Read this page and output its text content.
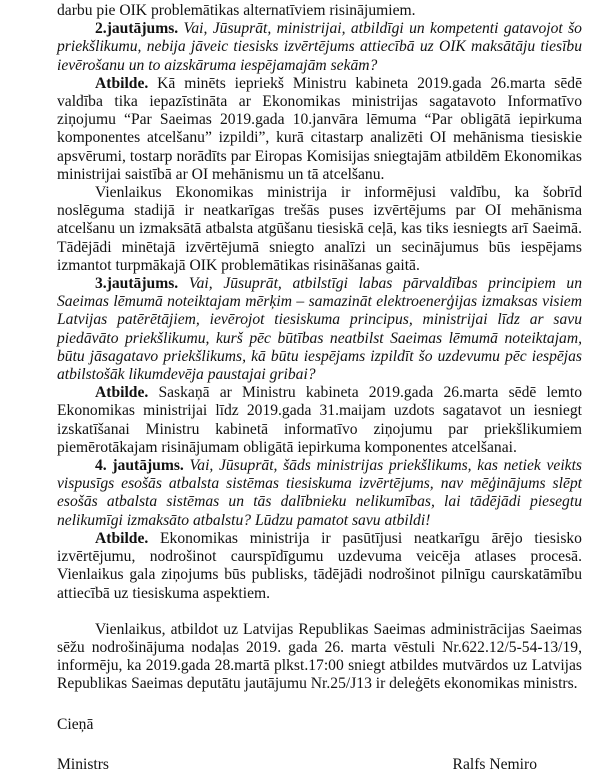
darbu pie OIK problemātikas alternatīviem risinājumiem.

2.jautājums. Vai, Jūsuprāt, ministrijai, atbildīgi un kompetenti gatavojot šo priekšlikumu, nebija jāveic tiesisks izvērtējums attiecībā uz OIK maksātāju tiesību ievērošanu un to aizskāruma iespējamajām sekām?

Atbilde. Kā minēts iepriekš Ministru kabineta 2019.gada 26.marta sēdē valdība tika iepazīstināta ar Ekonomikas ministrijas sagatavoto Informatīvo ziņojumu “Par Saeimas 2019.gada 10.janvāra lēmuma “Par obligātā iepirkuma komponentes atcelšanu” izpildi”, kurā citastarp analizēti OI mehānisma tiesiskie apsvērumi, tostarp norādīts par Eiropas Komisijas sniegtajām atbildēm Ekonomikas ministrijai saistībā ar OI mehānismu un tā atcelšanu.

Vienlaikus Ekonomikas ministrija ir informējusi valdību, ka šobrīd noslēguma stadijā ir neatkarīgas trešās puses izvērtējums par OI mehānisma atcelšanu un izmaksātā atbalsta atgūšanu tiesiskā ceļā, kas tiks iesniegts arī Saeimā. Tādējādi minētajā izvērtējumā sniegto analīzi un secinājumus būs iespējams izmantot turpmākajā OIK problemātikas risināšanas gaitā.

3.jautājums. Vai, Jūsuprāt, atbilstīgi labas pārvaldības principiem un Saeimas lēmumā noteiktajam mērķim – samazināt elektroenerģijas izmaksas visiem Latvijas patērētājiem, ievērojot tiesiskuma principus, ministrijai līdz ar savu piedāvāto priekšlikumu, kurš pēc būtības neatbilst Saeimas lēmumā noteiktajam, būtu jāsagatavo priekšlikums, kā būtu iespējams izpildīt šo uzdevumu pēc iespējas atbilstošāk likumdevēja paustajai gribai?

Atbilde. Saskaņā ar Ministru kabineta 2019.gada 26.marta sēdē lemto Ekonomikas ministrijai līdz 2019.gada 31.maijam uzdots sagatavot un iesniegt izskatīšanai Ministru kabinetā informatīvo ziņojumu par priekšlikumiem piemērotākajam risinājumam obligātā iepirkuma komponentes atcelšanai.

4. jautājums. Vai, Jūsuprāt, šāds ministrijas priekšlikums, kas netiek veikts vispusīgs esošās atbalsta sistēmas tiesiskuma izvērtējums, nav mēģinājums slēpt esošās atbalsta sistēmas un tās dalībnieku nelikumības, lai tādējādi piesegtu nelikumīgi izmaksāto atbalstu? Lūdzu pamatot savu atbildi!

Atbilde. Ekonomikas ministrija ir pasūtījusi neatkarīgu ārējo tiesisko izvērtējumu, nodrošinot caurspīdīgumu uzdevuma veicēja atlases procesā. Vienlaikus gala ziņojums būs publisks, tādējādi nodrošinot pilnīgu caurskatāmību attiecībā uz tiesiskuma aspektiem.

Vienlaikus, atbildot uz Latvijas Republikas Saeimas administrācijas Saeimas sēžu nodrošinājuma nodaļas 2019. gada 26. marta vēstuli Nr.622.12/5-54-13/19, informēju, ka 2019.gada 28.martā plkst.17:00 sniegt atbildes mutvārdos uz Latvijas Republikas Saeimas deputātu jautājumu Nr.25/J13 ir deleģēts ekonomikas ministrs.

Cieņā
Ministrs	Ralfs Nemiro
